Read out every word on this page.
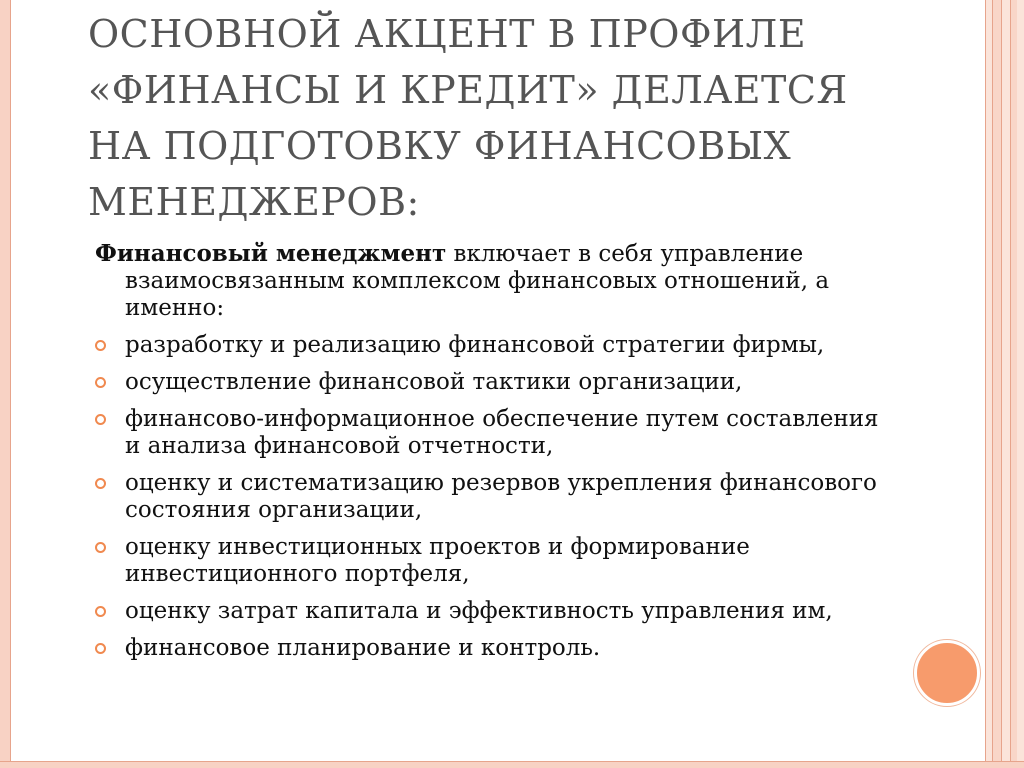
ОСНОВНОЙ АКЦЕНТ В ПРОФИЛЕ «ФИНАНСЫ И КРЕДИТ» ДЕЛАЕТСЯ НА ПОДГОТОВКУ ФИНАНСОВЫХ МЕНЕДЖЕРОВ:

Финансовый менеджмент включает в себя управление взаимосвязанным комплексом финансовых отношений, а именно:

разработку и реализацию финансовой стратегии фирмы,
осуществление финансовой тактики организации,
финансово-информационное обеспечение путем составления и анализа финансовой отчетности,
оценку и систематизацию резервов укрепления финансового состояния организации,
оценку инвестиционных проектов и формирование инвестиционного портфеля,
оценку затрат капитала и эффективность управления им,
финансовое планирование и контроль.
